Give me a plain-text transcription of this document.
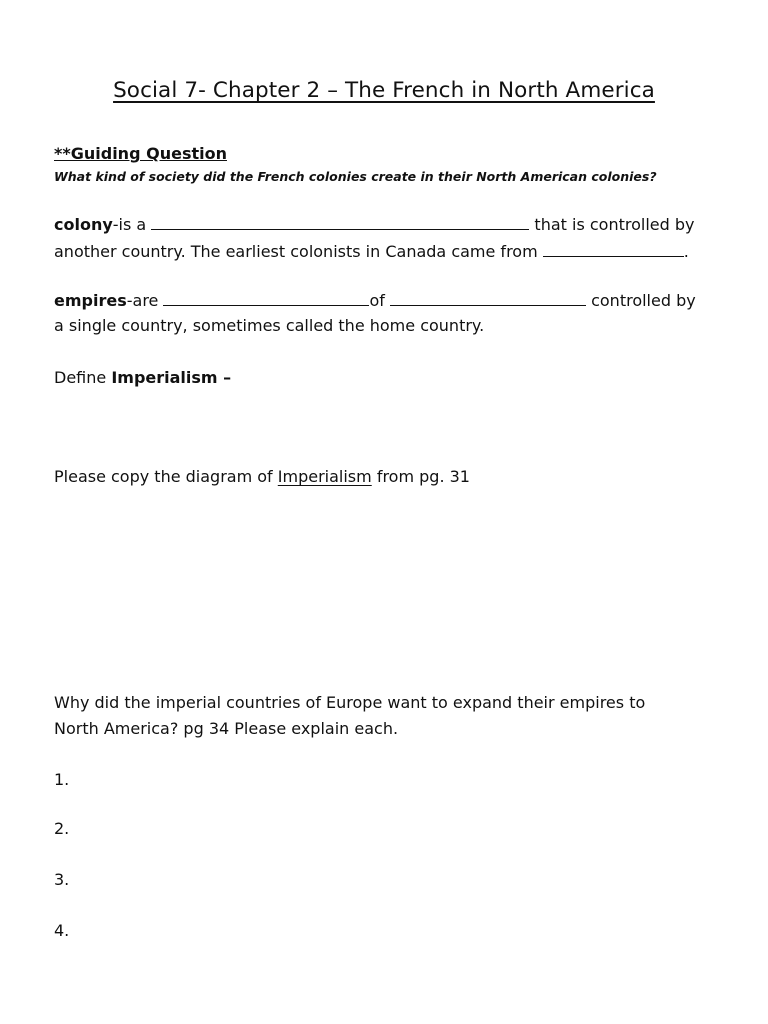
Social 7- Chapter 2 – The French in North America
**Guiding Question
What kind of society did the French colonies create in their North American colonies?
colony-is a	that is controlled by
another country. The earliest colonists in Canada came from	.
empires-are	of	controlled by
a single country, sometimes called the home country.
Define Imperialism –
Please copy the diagram of Imperialism from pg. 31
Why did the imperial countries of Europe want to expand their empires to
North America? pg 34 Please explain each.
1.
2.
3.
4.
